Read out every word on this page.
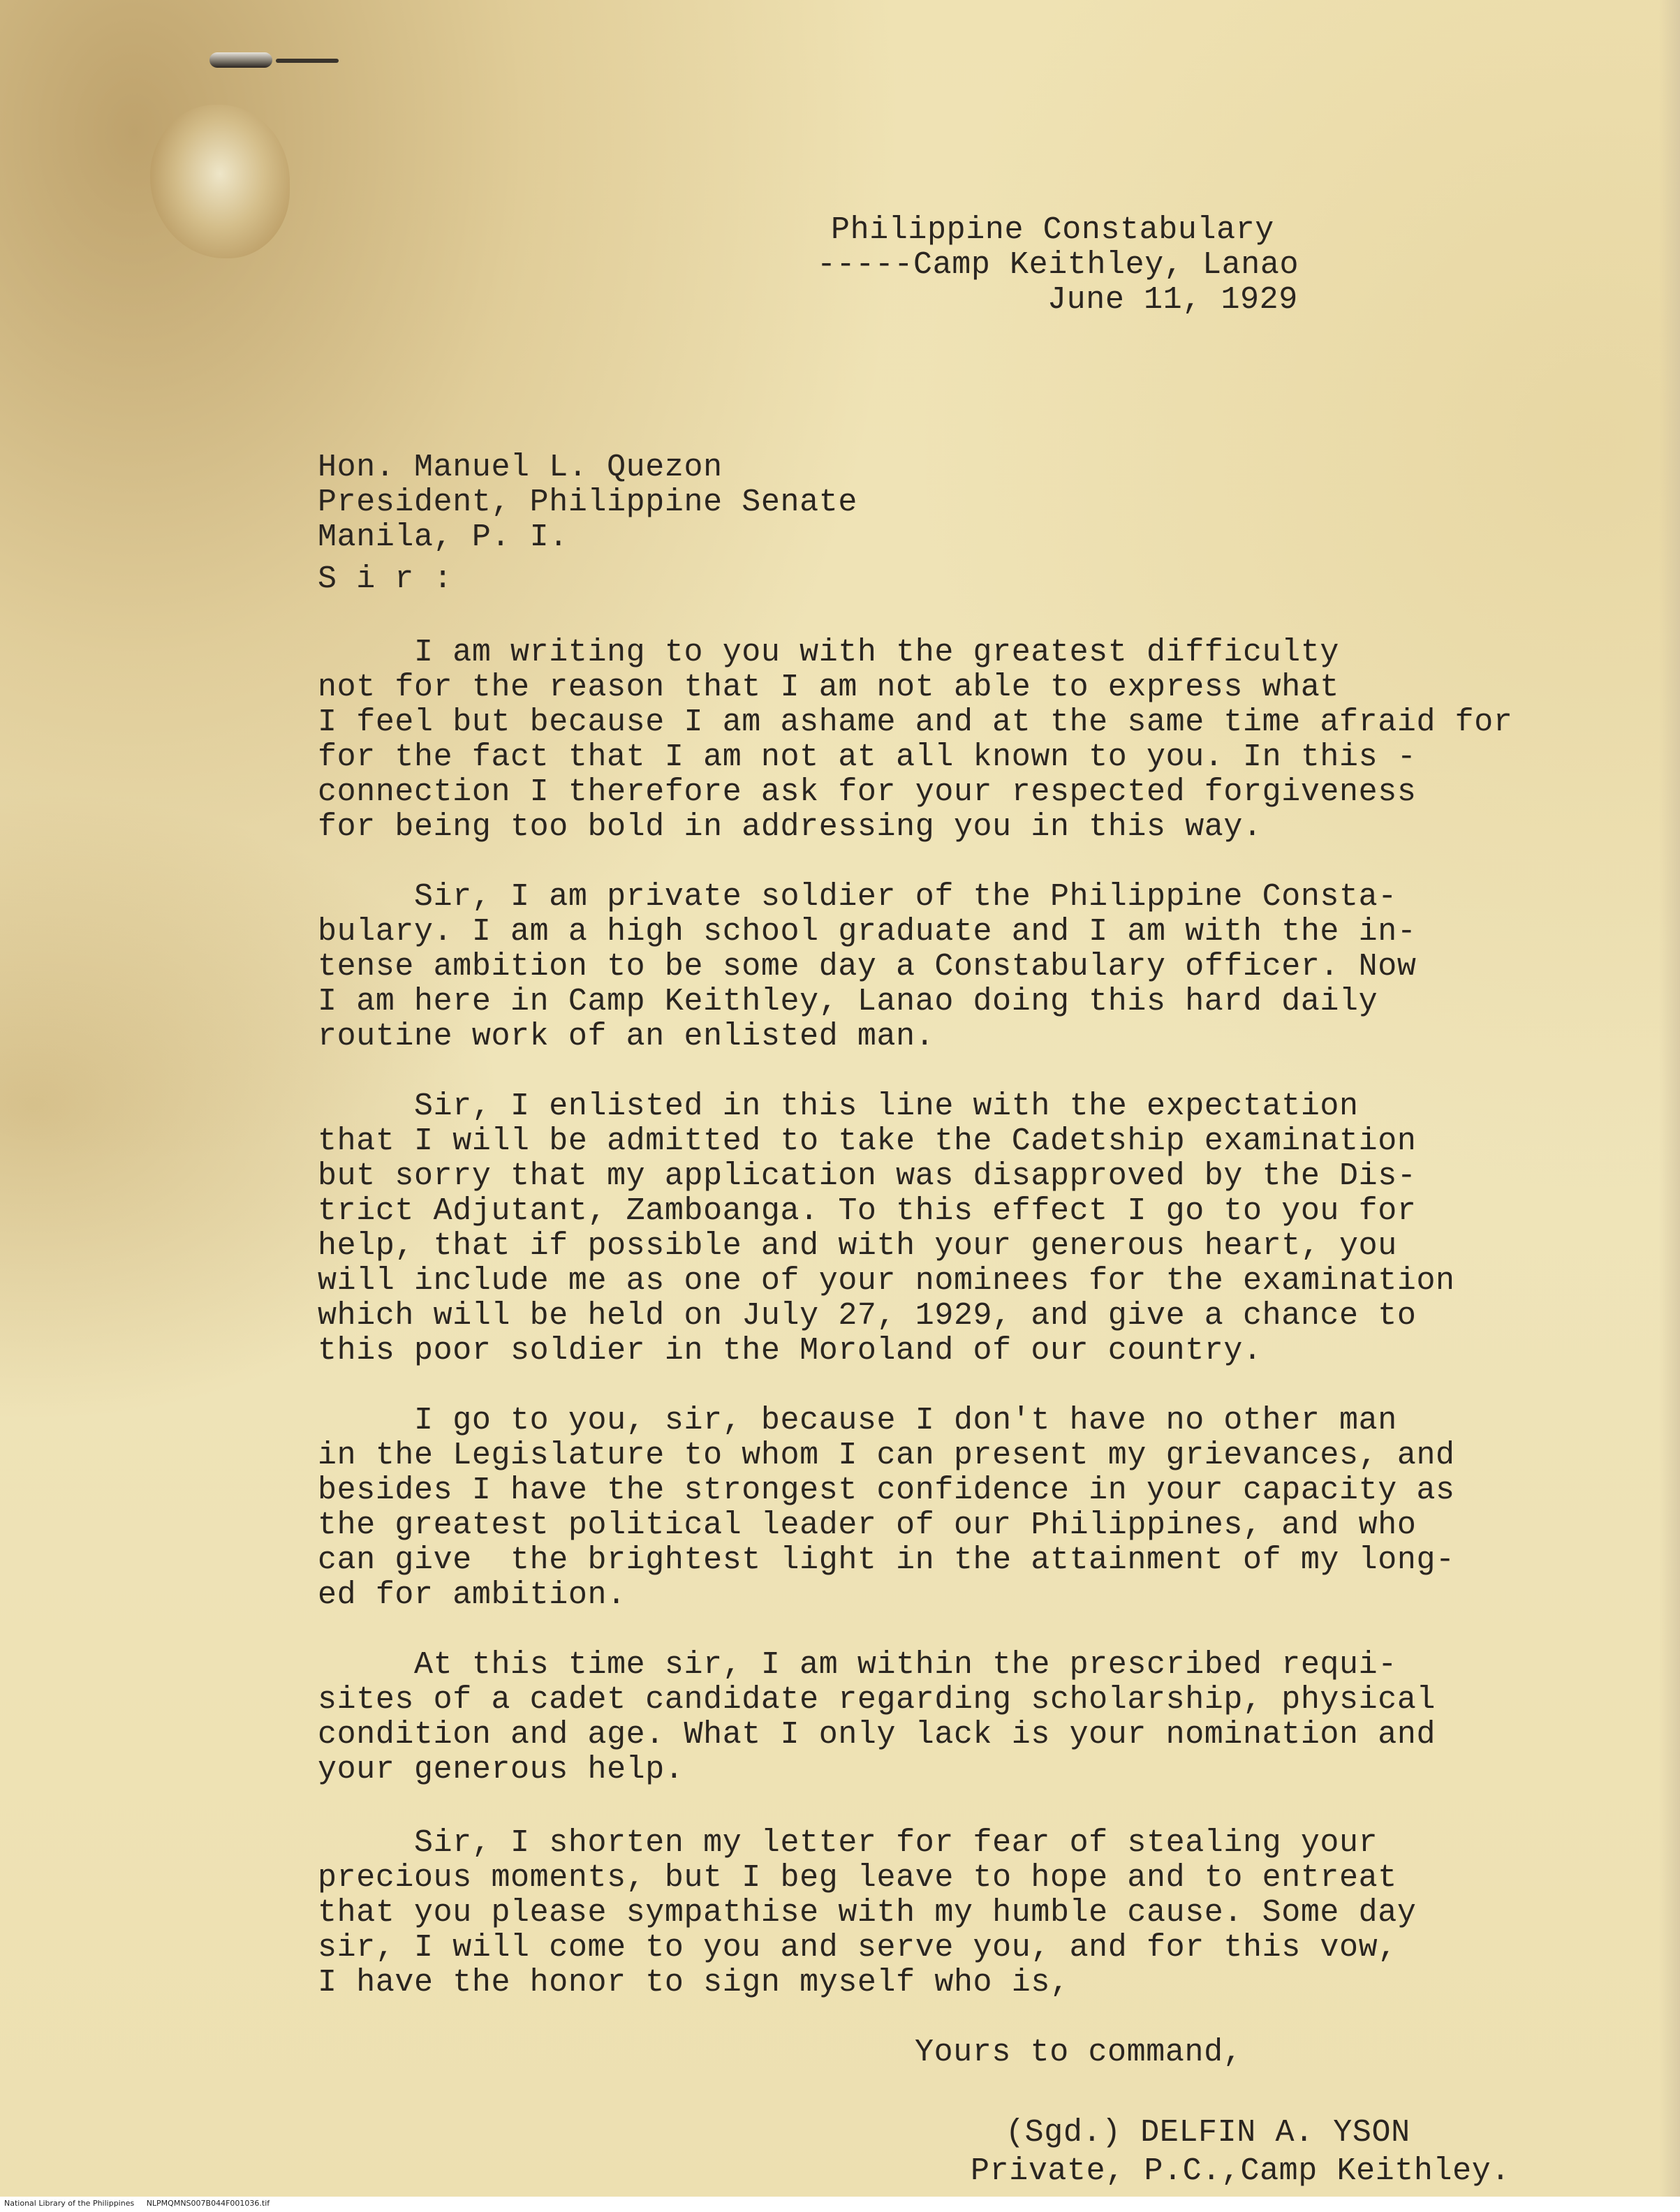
Philippine Constabulary
-----Camp Keithley, Lanao
June 11, 1929
Hon. Manuel L. Quezon
President, Philippine Senate
Manila, P. I.
S i r :
I am writing to you with the greatest difficulty
not for the reason that I am not able to express what
I feel but because I am ashame and at the same time afraid for
for the fact that I am not at all known to you. In this -
connection I therefore ask for your respected forgiveness
for being too bold in addressing you in this way.
Sir, I am private soldier of the Philippine Consta-
bulary. I am a high school graduate and I am with the in-
tense ambition to be some day a Constabulary officer. Now
I am here in Camp Keithley, Lanao doing this hard daily
routine work of an enlisted man.
Sir, I enlisted in this line with the expectation
that I will be admitted to take the Cadetship examination
but sorry that my application was disapproved by the Dis-
trict Adjutant, Zamboanga. To this effect I go to you for
help, that if possible and with your generous heart, you
will include me as one of your nominees for the examination
which will be held on July 27, 1929, and give a chance to
this poor soldier in the Moroland of our country.
I go to you, sir, because I don't have no other man
in the Legislature to whom I can present my grievances, and
besides I have the strongest confidence in your capacity as
the greatest political leader of our Philippines, and who
can give  the brightest light in the attainment of my long-
ed for ambition.
At this time sir, I am within the prescribed requi-
sites of a cadet candidate regarding scholarship, physical
condition and age. What I only lack is your nomination and
your generous help.
Sir, I shorten my letter for fear of stealing your
precious moments, but I beg leave to hope and to entreat
that you please sympathise with my humble cause. Some day
sir, I will come to you and serve you, and for this vow,
I have the honor to sign myself who is,
Yours to command,
(Sgd.) DELFIN A. YSON
Private, P.C.,Camp Keithley.
National Library of the Philippines     NLPMQMNS007B044F001036.tif
